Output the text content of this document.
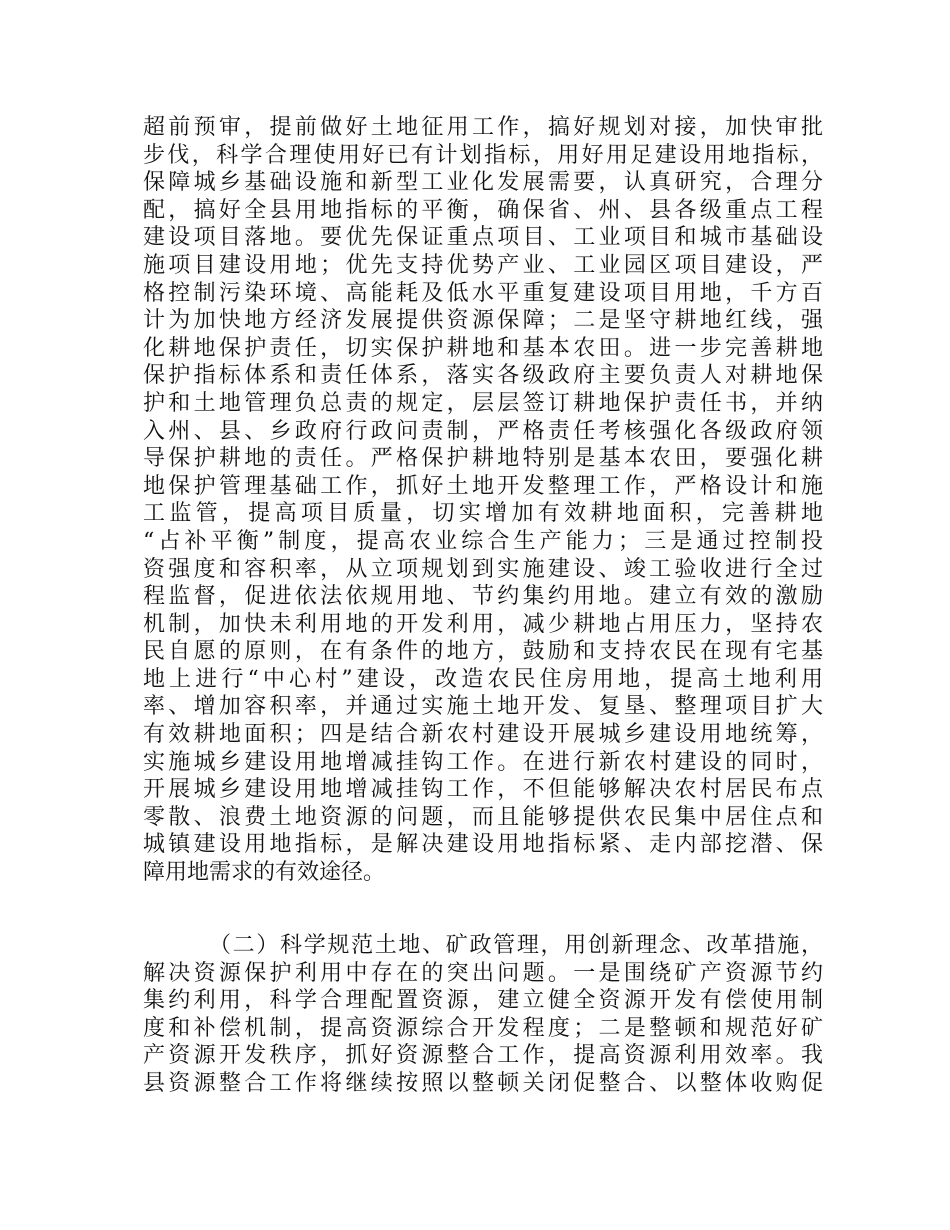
超前预审，提前做好土地征用工作，搞好规划对接，加快审批
步伐，科学合理使用好已有计划指标，用好用足建设用地指标，
保障城乡基础设施和新型工业化发展需要，认真研究，合理分
配，搞好全县用地指标的平衡，确保省、州、县各级重点工程
建设项目落地。要优先保证重点项目、工业项目和城市基础设
施项目建设用地；优先支持优势产业、工业园区项目建设，严
格控制污染环境、高能耗及低水平重复建设项目用地，千方百
计为加快地方经济发展提供资源保障；二是坚守耕地红线，强
化耕地保护责任，切实保护耕地和基本农田。进一步完善耕地
保护指标体系和责任体系，落实各级政府主要负责人对耕地保
护和土地管理负总责的规定，层层签订耕地保护责任书，并纳
入州、县、乡政府行政问责制，严格责任考核强化各级政府领
导保护耕地的责任。严格保护耕地特别是基本农田，要强化耕
地保护管理基础工作，抓好土地开发整理工作，严格设计和施
工监管，提高项目质量，切实增加有效耕地面积，完善耕地
“占补平衡”制度，提高农业综合生产能力；三是通过控制投
资强度和容积率，从立项规划到实施建设、竣工验收进行全过
程监督，促进依法依规用地、节约集约用地。建立有效的激励
机制，加快未利用地的开发利用，减少耕地占用压力，坚持农
民自愿的原则，在有条件的地方，鼓励和支持农民在现有宅基
地上进行“中心村”建设，改造农民住房用地，提高土地利用
率、增加容积率，并通过实施土地开发、复垦、整理项目扩大
有效耕地面积；四是结合新农村建设开展城乡建设用地统筹，
实施城乡建设用地增减挂钩工作。在进行新农村建设的同时，
开展城乡建设用地增减挂钩工作，不但能够解决农村居民布点
零散、浪费土地资源的问题，而且能够提供农民集中居住点和
城镇建设用地指标，是解决建设用地指标紧、走内部挖潜、保
障用地需求的有效途径。
（二）科学规范土地、矿政管理，用创新理念、改革措施，
解决资源保护利用中存在的突出问题。一是围绕矿产资源节约
集约利用，科学合理配置资源，建立健全资源开发有偿使用制
度和补偿机制，提高资源综合开发程度；二是整顿和规范好矿
产资源开发秩序，抓好资源整合工作，提高资源利用效率。我
县资源整合工作将继续按照以整顿关闭促整合、以整体收购促
